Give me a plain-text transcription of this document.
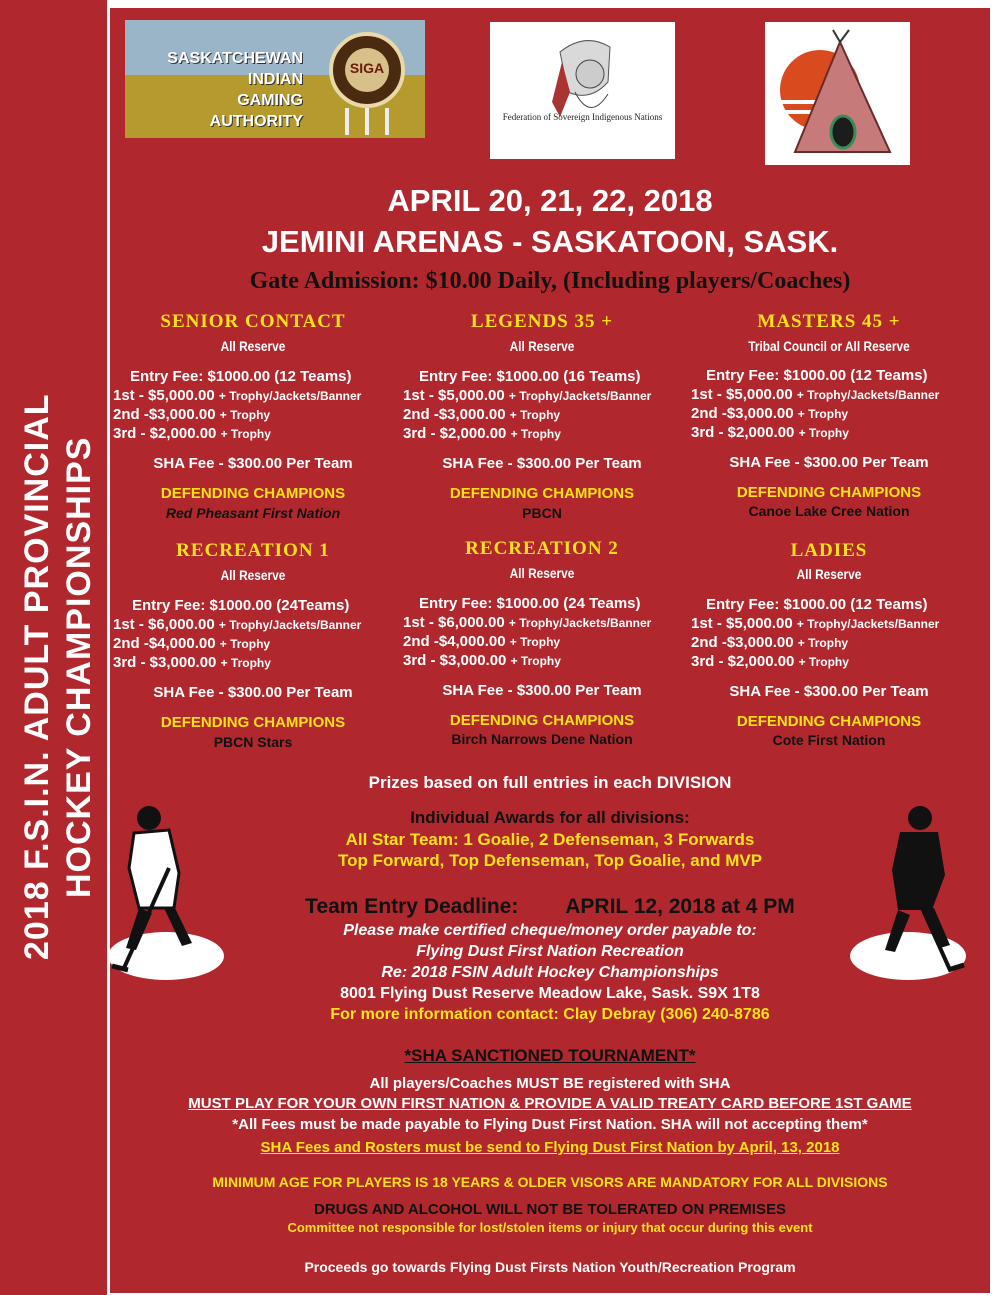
2018 F.S.I.N. ADULT PROVINCIAL HOCKEY CHAMPIONSHIPS
SIGA
SASKATCHEWAN
INDIAN
GAMING
AUTHORITY	Federation of Sovereign Indigenous Nations
APRIL 20, 21, 22, 2018
JEMINI ARENAS - SASKATOON, SASK.
Gate Admission: $10.00 Daily, (Including players/Coaches)
SENIOR CONTACT
All Reserve
Entry Fee: $1000.00 (12 Teams)
1st - $5,000.00 + Trophy/Jackets/Banner
2nd -$3,000.00 + Trophy
3rd - $2,000.00 + Trophy
SHA Fee - $300.00 Per Team
DEFENDING CHAMPIONS
Red Pheasant First Nation
LEGENDS 35 +
All Reserve
Entry Fee: $1000.00 (16 Teams)
1st - $5,000.00 + Trophy/Jackets/Banner
2nd -$3,000.00 + Trophy
3rd - $2,000.00 + Trophy
SHA Fee - $300.00 Per Team
DEFENDING CHAMPIONS
PBCN
MASTERS 45 +
Tribal Council or All Reserve
Entry Fee: $1000.00 (12 Teams)
1st - $5,000.00 + Trophy/Jackets/Banner
2nd -$3,000.00 + Trophy
3rd - $2,000.00 + Trophy
SHA Fee - $300.00 Per Team
DEFENDING CHAMPIONS
Canoe Lake Cree Nation
RECREATION 1
All Reserve
Entry Fee: $1000.00 (24Teams)
1st - $6,000.00 + Trophy/Jackets/Banner
2nd -$4,000.00 + Trophy
3rd - $3,000.00 + Trophy
SHA Fee - $300.00 Per Team
DEFENDING CHAMPIONS
PBCN Stars
RECREATION 2
All Reserve
Entry Fee: $1000.00 (24 Teams)
1st - $6,000.00 + Trophy/Jackets/Banner
2nd -$4,000.00 + Trophy
3rd - $3,000.00 + Trophy
SHA Fee - $300.00 Per Team
DEFENDING CHAMPIONS
Birch Narrows Dene Nation
LADIES
All Reserve
Entry Fee: $1000.00 (12 Teams)
1st - $5,000.00 + Trophy/Jackets/Banner
2nd -$3,000.00 + Trophy
3rd - $2,000.00 + Trophy
SHA Fee - $300.00 Per Team
DEFENDING CHAMPIONS
Cote First Nation
Prizes based on full entries in each DIVISION
Individual Awards for all divisions:
All Star Team: 1 Goalie, 2 Defenseman, 3 Forwards
Top Forward, Top Defenseman, Top Goalie, and MVP
Team Entry Deadline: APRIL 12, 2018 at 4 PM
Please make certified cheque/money order payable to:
Flying Dust First Nation Recreation
Re: 2018 FSIN Adult Hockey Championships
8001 Flying Dust Reserve Meadow Lake, Sask. S9X 1T8
For more information contact: Clay Debray (306) 240-8786
*SHA SANCTIONED TOURNAMENT*
All players/Coaches MUST BE registered with SHA
MUST PLAY FOR YOUR OWN FIRST NATION & PROVIDE A VALID TREATY CARD BEFORE 1ST GAME
*All Fees must be made payable to Flying Dust First Nation. SHA will not accepting them*
SHA Fees and Rosters must be send to Flying Dust First Nation by April, 13, 2018
MINIMUM AGE FOR PLAYERS IS 18 YEARS & OLDER VISORS ARE MANDATORY FOR ALL DIVISIONS
DRUGS AND ALCOHOL WILL NOT BE TOLERATED ON PREMISES
Committee not responsible for lost/stolen items or injury that occur during this event
Proceeds go towards Flying Dust Firsts Nation Youth/Recreation Program
